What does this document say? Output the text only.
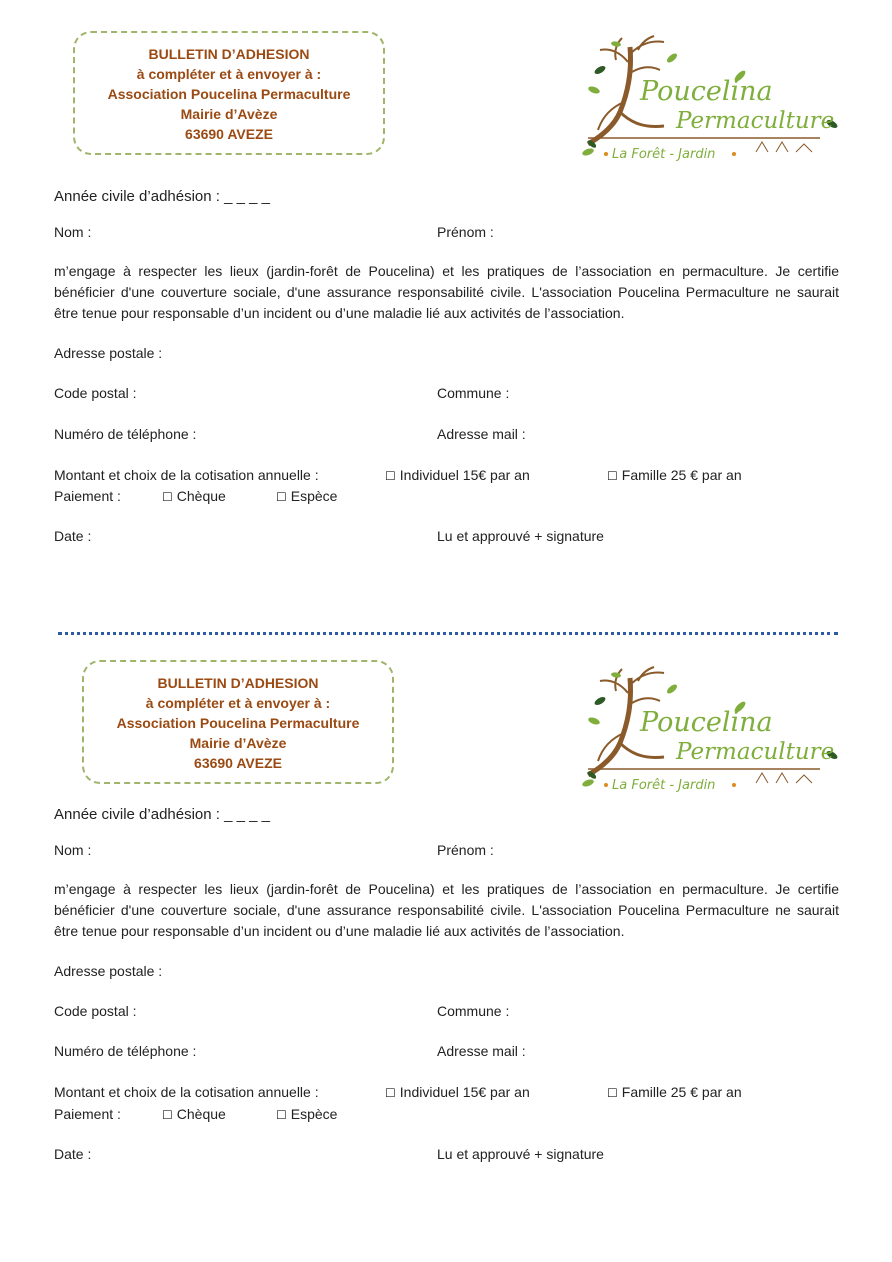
BULLETIN D’ADHESION
à compléter et à envoyer à :
Association Poucelina Permaculture
Mairie d’Avèze
63690 AVEZE
Poucelina
Permaculture
La Forêt - Jardin
Année civile d’adhésion : _ _ _ _
Nom :	Prénom :
m’engage à respecter les lieux (jardin-forêt de Poucelina) et les pratiques de l’association en permaculture. Je certifie bénéficier d'une couverture sociale, d'une assurance responsabilité civile. L'association Poucelina Permaculture ne saurait être tenue pour responsable d’un incident ou d’une maladie lié aux activités de l’association.
Adresse postale :
Code postal :	Commune :
Numéro de téléphone :	Adresse mail :
Montant et choix de la cotisation annuelle :	☐ Individuel 15€ par an	☐ Famille 25 € par an
Paiement :	☐ Chèque	☐ Espèce
Date :	Lu et approuvé + signature
BULLETIN D’ADHESION
à compléter et à envoyer à :
Association Poucelina Permaculture
Mairie d’Avèze
63690 AVEZE
Poucelina
Permaculture
La Forêt - Jardin
Année civile d’adhésion : _ _ _ _
Nom :	Prénom :
m’engage à respecter les lieux (jardin-forêt de Poucelina) et les pratiques de l’association en permaculture. Je certifie bénéficier d'une couverture sociale, d'une assurance responsabilité civile. L'association Poucelina Permaculture ne saurait être tenue pour responsable d’un incident ou d’une maladie lié aux activités de l’association.
Adresse postale :
Code postal :	Commune :
Numéro de téléphone :	Adresse mail :
Montant et choix de la cotisation annuelle :	☐ Individuel 15€ par an	☐ Famille 25 € par an
Paiement :	☐ Chèque	☐ Espèce
Date :	Lu et approuvé + signature
